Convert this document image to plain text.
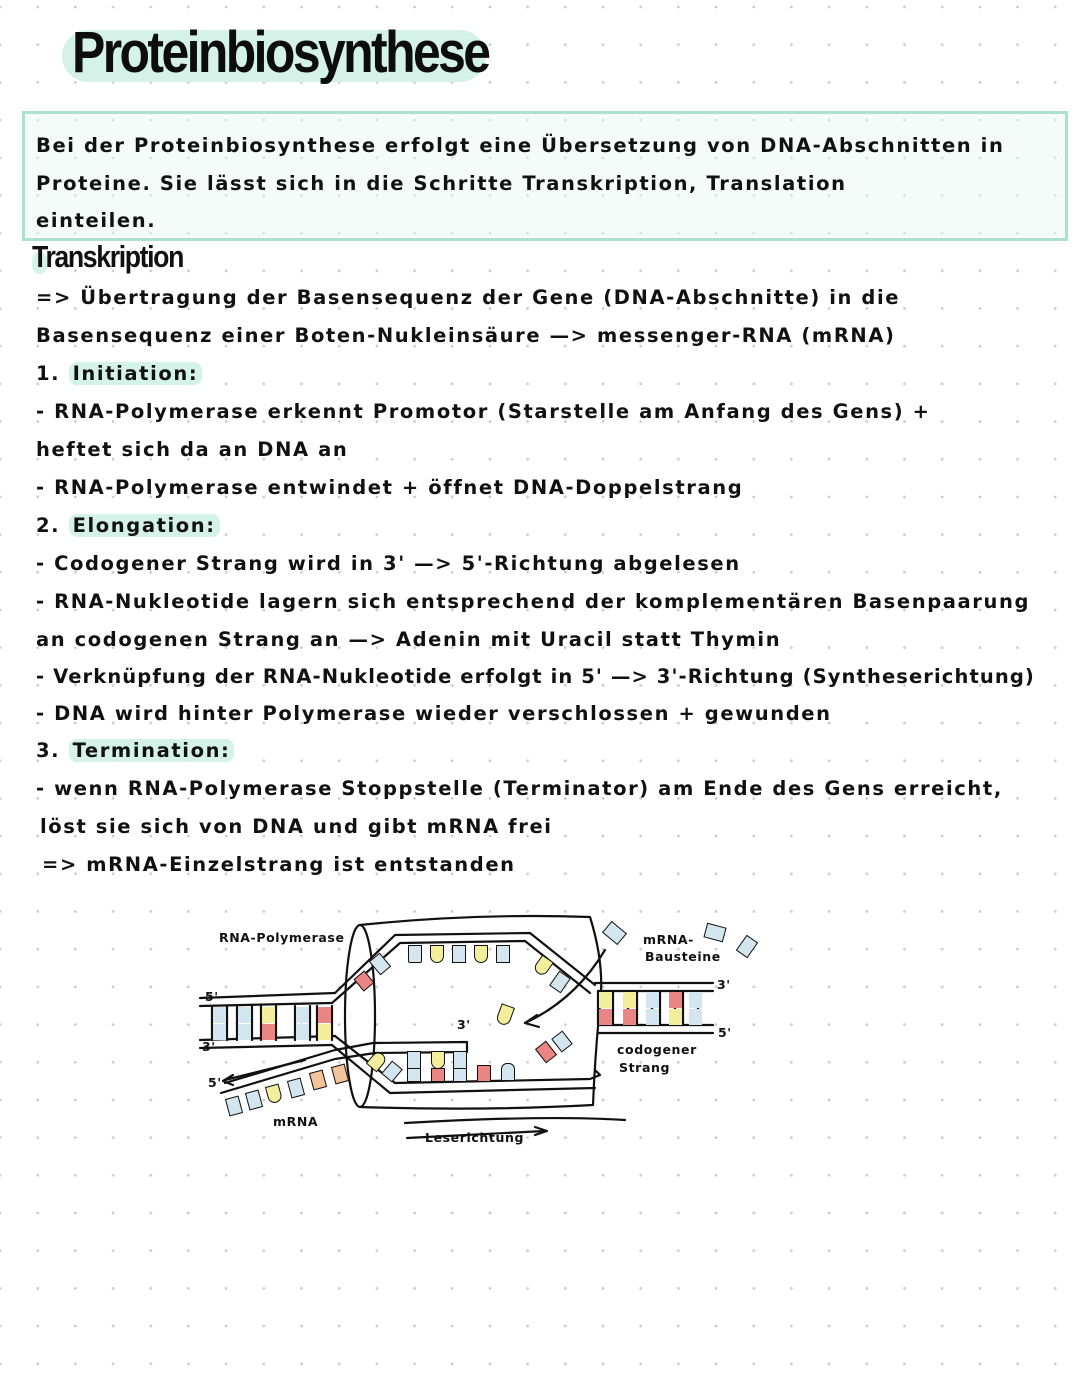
Proteinbiosynthese
Bei der Proteinbiosynthese erfolgt eine Übersetzung von DNA-Abschnitten in
Proteine. Sie lässt sich in die Schritte Transkription, Translation
einteilen.
Transkription
=> Übertragung der Basensequenz der Gene (DNA-Abschnitte) in die
Basensequenz einer Boten-Nukleinsäure —> messenger-RNA (mRNA)
1. Initiation:
- RNA-Polymerase erkennt Promotor (Starstelle am Anfang des Gens) +
heftet sich da an DNA an
- RNA-Polymerase entwindet + öffnet DNA-Doppelstrang
2. Elongation:
- Codogener Strang wird in 3' —> 5'-Richtung abgelesen
- RNA-Nukleotide lagern sich entsprechend der komplementären Basenpaarung
an codogenen Strang an —> Adenin mit Uracil statt Thymin
- Verknüpfung der RNA-Nukleotide erfolgt in 5' —> 3'-Richtung (Syntheserichtung)
- DNA wird hinter Polymerase wieder verschlossen + gewunden
3. Termination:
- wenn RNA-Polymerase Stoppstelle (Terminator) am Ende des Gens erreicht,
löst sie sich von DNA und gibt mRNA frei
=> mRNA-Einzelstrang ist entstanden
RNA-Polymerase	mRNA-
Bausteine
mRNA
codogener
Strang
Leserichtung
5'
3'
5'
3'
3'
5'
